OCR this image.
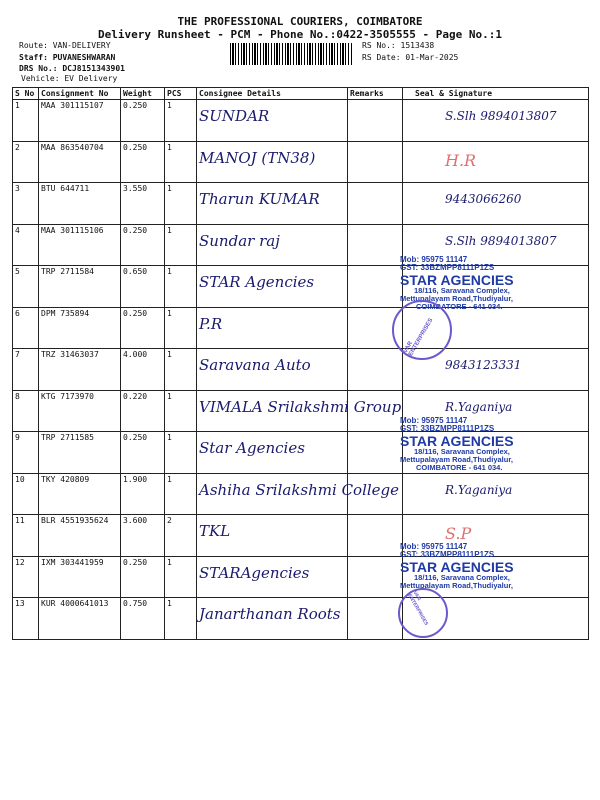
THE PROFESSIONAL COURIERS, COIMBATORE
Delivery Runsheet - PCM - Phone No.:0422-3505555 - Page No.:1
Route: VAN-DELIVERY
Staff: PUVANESHWARAN
DRS No.: DCJ8151343901
Vehicle: EV Delivery
RS No.: 1513438
RS Date: 01-Mar-2025
S No	Consignment No	Weight	PCS	Consignee Details	Remarks	Seal & Signature
1	MAA 301115107	0.250	1	SUNDAR		S.Slh 9894013807

2	MAA 863540704	0.250	1	MANOJ (TN38)		H.R

3	BTU 644711	3.550	1	Tharun KUMAR		9443066260

4	MAA 301115106	0.250	1	Sundar raj		S.Slh 9894013807

5	TRP 2711584	0.650	1	STAR Agencies		

6	DPM 735894	0.250	1	P.R		

7	TRZ 31463037	4.000	1	Saravana Auto		9843123331

8	KTG 7173970	0.220	1	VIMALA Srilakshmi Group		R.Yaganiya

9	TRP 2711585	0.250	1	Star Agencies		

10	TKY 420809	1.900	1	Ashiha Srilakshmi College		R.Yaganiya

11	BLR 4551935624	3.600	2	TKL		S.P

12	IXM 303441959	0.250	1	STARAgencies		

13	KUR 4000641013	0.750	1	Janarthanan Roots		

Mob: 95975 11147
GST: 33BZMPP8111P1ZS
STAR AGENCIES
18/116, Saravana Complex,
Mettupalayam Road,Thudiyalur,
COIMBATORE - 641 034.
VAR ENTERPRISES
Mob: 95975 11147
GST: 33BZMPP8111P1ZS
STAR AGENCIES
18/116, Saravana Complex,
Mettupalayam Road,Thudiyalur,
COIMBATORE - 641 034.
Mob: 95975 11147
GST: 33BZMPP8111P1ZS
STAR AGENCIES
18/116, Saravana Complex,
Mettupalayam Road,Thudiyalur,
VAR ENTERPRISES
